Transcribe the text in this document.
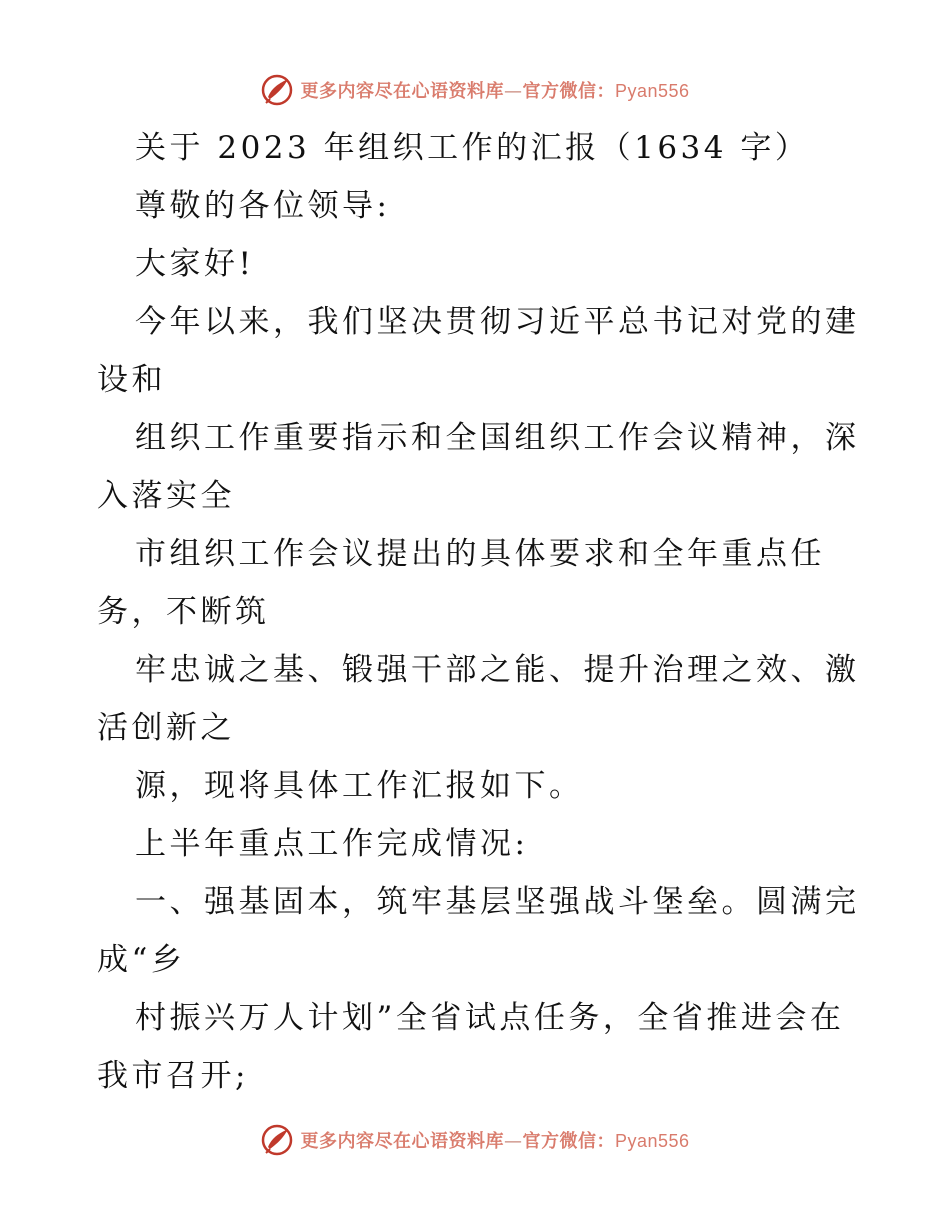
更多内容尽在心语资料库—官方微信：Pyan556
关于 2023 年组织工作的汇报（1634 字）
尊敬的各位领导:
大家好!
今年以来，我们坚决贯彻习近平总书记对党的建
设和
组织工作重要指示和全国组织工作会议精神，深
入落实全
市组织工作会议提出的具体要求和全年重点任
务，不断筑
牢忠诚之基、锻强干部之能、提升治理之效、激
活创新之
源，现将具体工作汇报如下。
上半年重点工作完成情况:
一、强基固本，筑牢基层坚强战斗堡垒。圆满完
成“乡
村振兴万人计划”全省试点任务，全省推进会在
我市召开;
更多内容尽在心语资料库—官方微信：Pyan556
